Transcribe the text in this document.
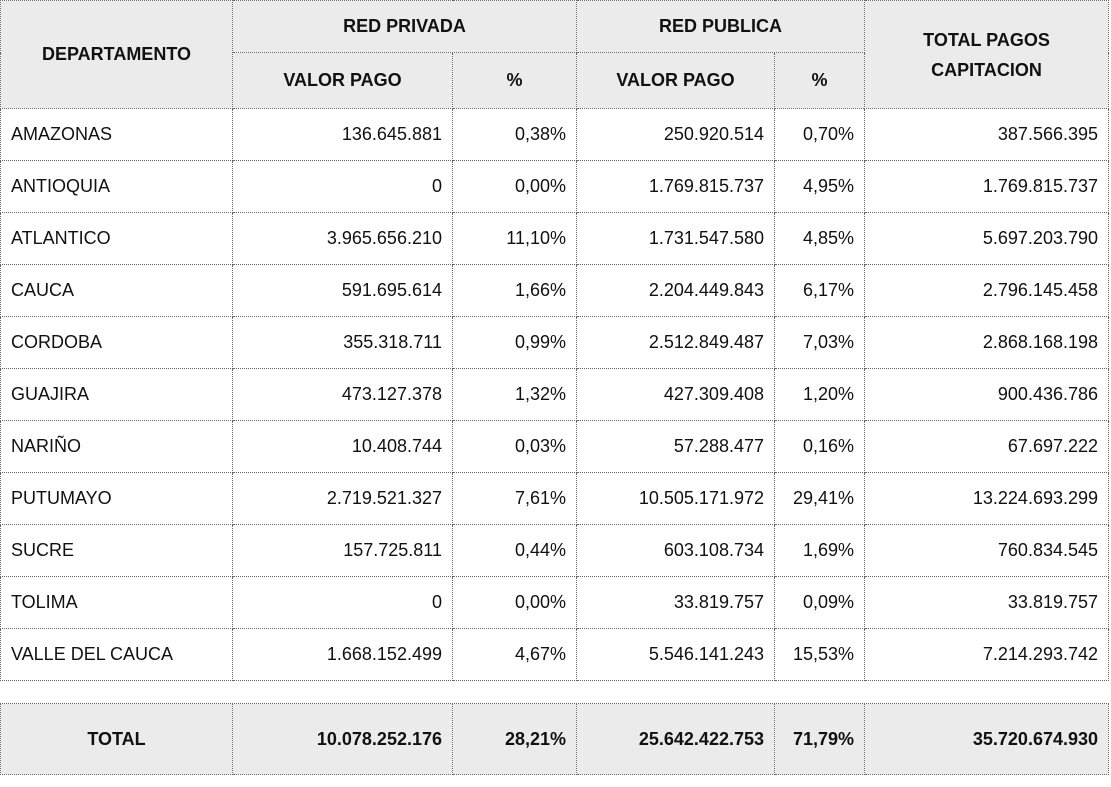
DEPARTAMENTO	RED PRIVADA		RED PUBLICA		TOTAL PAGOS CAPITACION
	VALOR PAGO	%	VALOR PAGO	%	
AMAZONAS	136.645.881	0,38%	250.920.514	0,70%	387.566.395
ANTIOQUIA	0	0,00%	1.769.815.737	4,95%	1.769.815.737
ATLANTICO	3.965.656.210	11,10%	1.731.547.580	4,85%	5.697.203.790
CAUCA	591.695.614	1,66%	2.204.449.843	6,17%	2.796.145.458
CORDOBA	355.318.711	0,99%	2.512.849.487	7,03%	2.868.168.198
GUAJIRA	473.127.378	1,32%	427.309.408	1,20%	900.436.786
NARIÑO	10.408.744	0,03%	57.288.477	0,16%	67.697.222
PUTUMAYO	2.719.521.327	7,61%	10.505.171.972	29,41%	13.224.693.299
SUCRE	157.725.811	0,44%	603.108.734	1,69%	760.834.545
TOLIMA	0	0,00%	33.819.757	0,09%	33.819.757
VALLE DEL CAUCA	1.668.152.499	4,67%	5.546.141.243	15,53%	7.214.293.742

TOTAL	10.078.252.176	28,21%	25.642.422.753	71,79%	35.720.674.930
